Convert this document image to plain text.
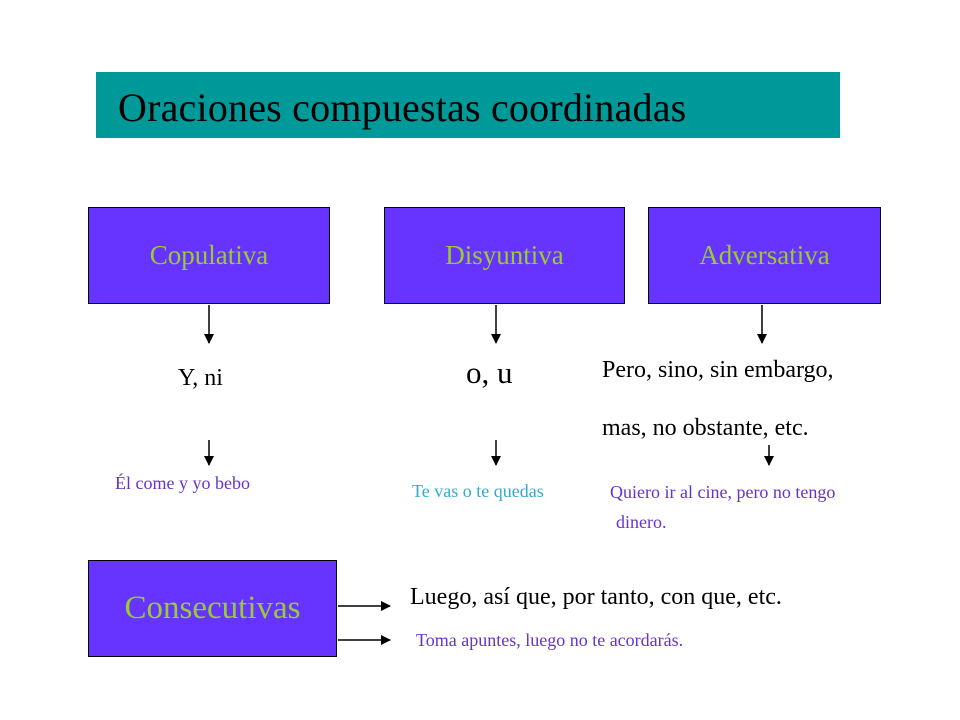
Oraciones compuestas coordinadas
Copulativa	Disyuntiva	Adversativa
Consecutivas
Y, ni	o, u	Pero, sino, sin embargo,
mas, no obstante, etc.
Luego, así que, por tanto, con que, etc.
Él come y yo bebo	Te vas o te quedas	Quiero ir al cine, pero no tengo
dinero.
Toma apuntes, luego no te acordarás.
